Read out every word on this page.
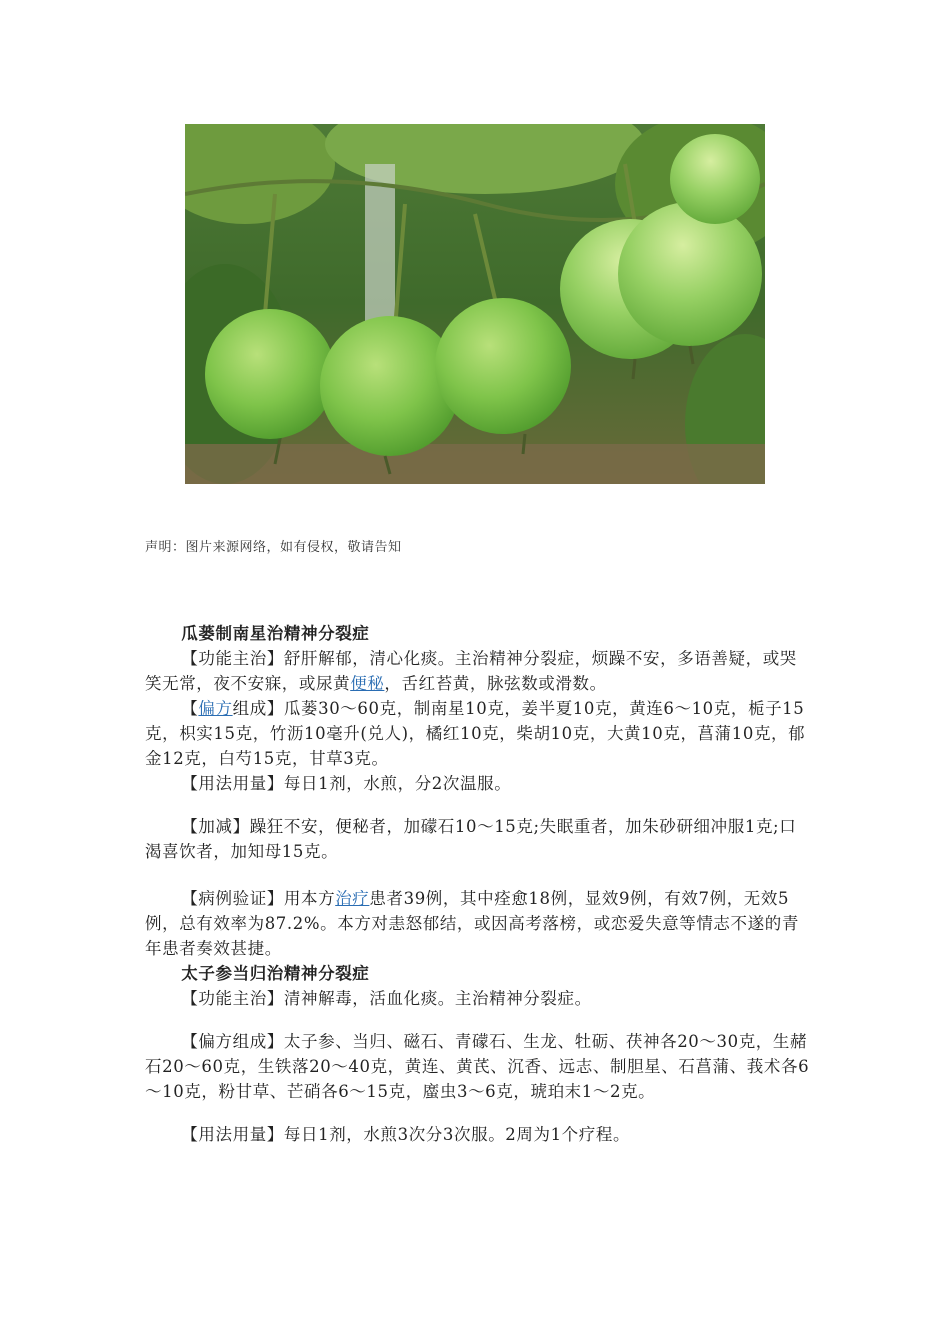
声明：图片来源网络，如有侵权，敬请告知

瓜蒌制南星治精神分裂症

【功能主治】舒肝解郁，清心化痰。主治精神分裂症，烦躁不安，多语善疑，或哭笑无常，夜不安寐，或尿黄便秘，舌红苔黄，脉弦数或滑数。

【偏方组成】瓜蒌30～60克，制南星10克，姜半夏10克，黄连6～10克，栀子15克，枳实15克，竹沥10毫升(兑人)，橘红10克，柴胡10克，大黄10克，菖蒲10克，郁金12克，白芍15克，甘草3克。

【用法用量】每日1剂，水煎，分2次温服。

【加减】躁狂不安，便秘者，加礞石10～15克;失眠重者，加朱砂研细冲服1克;口渴喜饮者，加知母15克。

【病例验证】用本方治疗患者39例，其中痊愈18例，显效9例，有效7例，无效5例，总有效率为87.2%。本方对恚怒郁结，或因高考落榜，或恋爱失意等情志不遂的青年患者奏效甚捷。

太子参当归治精神分裂症

【功能主治】清神解毒，活血化痰。主治精神分裂症。

【偏方组成】太子参、当归、磁石、青礞石、生龙、牡砺、茯神各20～30克，生赭石20～60克，生铁落20～40克，黄连、黄芪、沉香、远志、制胆星、石菖蒲、莪术各6～10克，粉甘草、芒硝各6～15克，䗪虫3～6克，琥珀末1～2克。

【用法用量】每日1剂，水煎3次分3次服。2周为1个疗程。
